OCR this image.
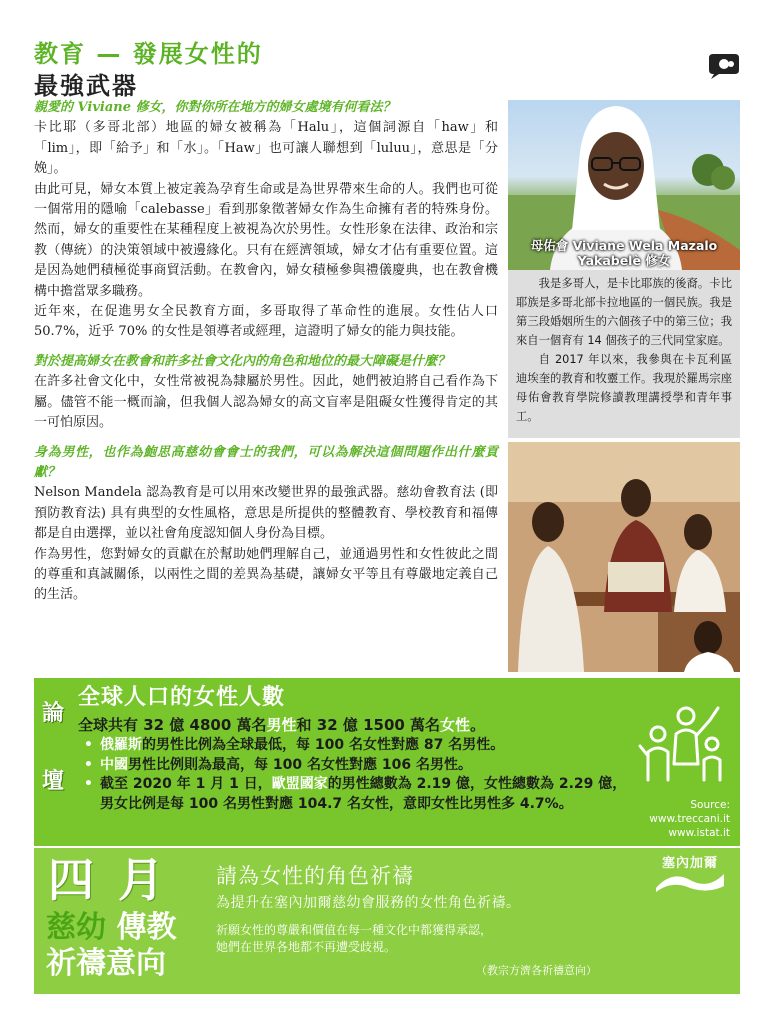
教育 — 發展女性的
最強武器

親愛的 Viviane 修女，你對你所在地方的婦女處境有何看法？

卡比耶（多哥北部）地區的婦女被稱為「Halu」，這個詞源自「haw」和「lim」，即「給予」和「水」。「Haw」也可讓人聯想到「luluu」，意思是「分娩」。

由此可見，婦女本質上被定義為孕育生命或是為世界帶來生命的人。我們也可從一個常用的隱喻「calebasse」看到那象徵著婦女作為生命擁有者的特殊身份。然而，婦女的重要性在某種程度上被視為次於男性。女性形象在法律、政治和宗教（傳統）的決策領域中被邊緣化。只有在經濟領域，婦女才佔有重要位置。這是因為她們積極從事商貿活動。在教會內，婦女積極參與禮儀慶典，也在教會機構中擔當眾多職務。

近年來，在促進男女全民教育方面，多哥取得了革命性的進展。女性佔人口 50.7%，近乎 70% 的女性是領導者或經理，這證明了婦女的能力與技能。

對於提高婦女在教會和許多社會文化內的角色和地位的最大障礙是什麼？

在許多社會文化中，女性常被視為隸屬於男性。因此，她們被迫將自己看作為下屬。儘管不能一概而論，但我個人認為婦女的高文盲率是阻礙女性獲得肯定的其一可怕原因。

身為男性，也作為鮑思高慈幼會會士的我們，可以為解決這個問題作出什麼貢獻？

Nelson Mandela 認為教育是可以用來改變世界的最強武器。慈幼會教育法 (即預防教育法) 具有典型的女性風格，意思是所提供的整體教育、學校教育和福傳都是自由選擇，並以社會角度認知個人身份為目標。

作為男性，您對婦女的貢獻在於幫助她們理解自己，並通過男性和女性彼此之間的尊重和真誠關係，以兩性之間的差異為基礎，讓婦女平等且有尊嚴地定義自己的生活。

母佑會 Viviane Wela Mazalo
Yakabelè 修女

我是多哥人，是卡比耶族的後裔。卡比耶族是多哥北部卡拉地區的一個民族。我是第三段婚姻所生的六個孩子中的第三位；我來自一個育有 14 個孩子的三代同堂家庭。

自 2017 年以來，我參與在卡瓦利區迪埃奎的教育和牧靈工作。我現於羅馬宗座母佑會教育學院修讀教理講授學和青年事工。

論
壇
全球人口的女性人數
全球共有 32 億 4800 萬名男性和 32 億 1500 萬名女性。
• 俄羅斯的男性比例為全球最低，每 100 名女性對應 87 名男性。
• 中國男性比例則為最高，每 100 名女性對應 106 名男性。
• 截至 2020 年 1 月 1 日，歐盟國家的男性總數為 2.19 億，女性總數為 2.29 億，男女比例是每 100 名男性對應 104.7 名女性，意即女性比男性多 4.7%。	Source:
www.treccani.it
www.istat.it
四月
慈幼 傳教
祈禱意向
請為女性的角色祈禱
為提升在塞內加爾慈幼會服務的女性角色祈禱。
祈願女性的尊嚴和價值在每一種文化中都獲得承認，
她們在世界各地都不再遭受歧視。
（教宗方濟各祈禱意向）
塞內加爾
